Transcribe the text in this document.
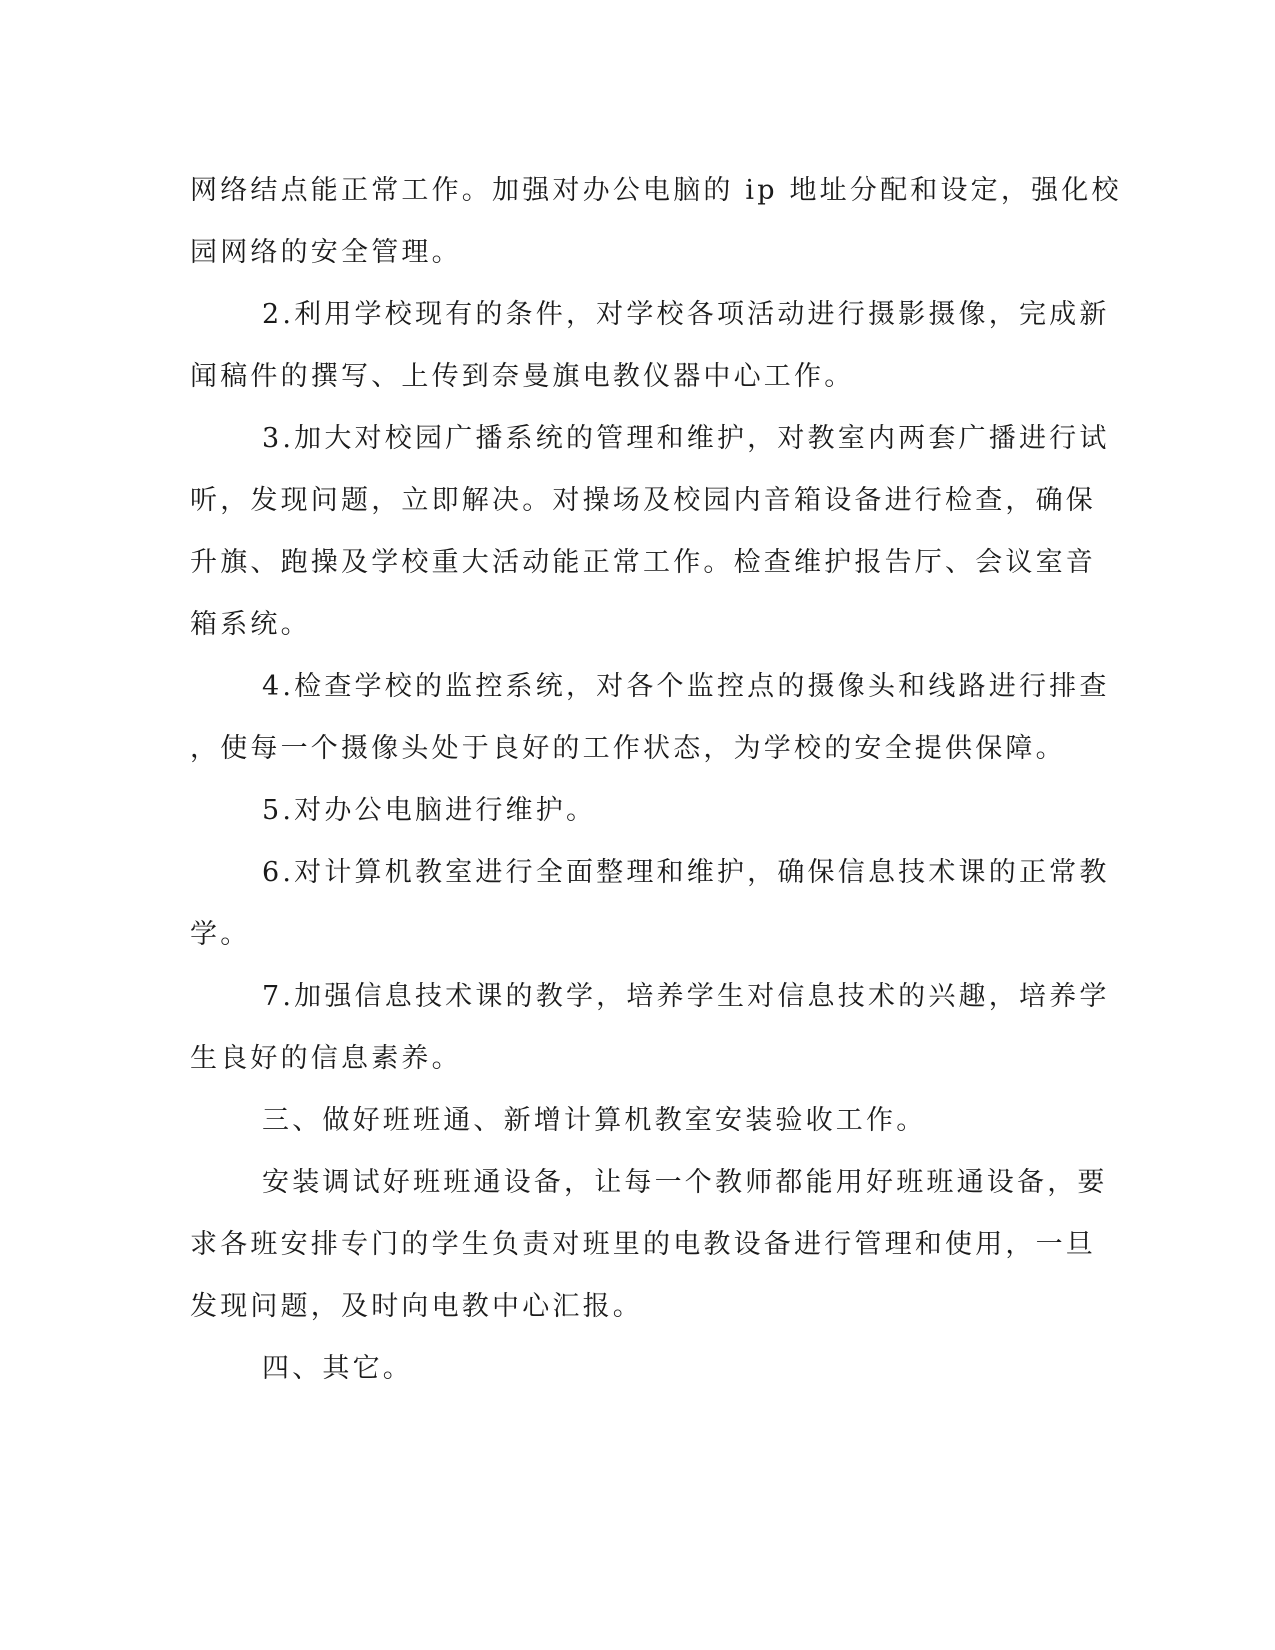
网络结点能正常工作。加强对办公电脑的 ip 地址分配和设定，强化校
园网络的安全管理。
2.利用学校现有的条件，对学校各项活动进行摄影摄像，完成新
闻稿件的撰写、上传到奈曼旗电教仪器中心工作。
3.加大对校园广播系统的管理和维护，对教室内两套广播进行试
听，发现问题，立即解决。对操场及校园内音箱设备进行检查，确保
升旗、跑操及学校重大活动能正常工作。检查维护报告厅、会议室音
箱系统。
4.检查学校的监控系统，对各个监控点的摄像头和线路进行排查
，使每一个摄像头处于良好的工作状态，为学校的安全提供保障。
5.对办公电脑进行维护。
6.对计算机教室进行全面整理和维护，确保信息技术课的正常教
学。
7.加强信息技术课的教学，培养学生对信息技术的兴趣，培养学
生良好的信息素养。
三、做好班班通、新增计算机教室安装验收工作。
安装调试好班班通设备，让每一个教师都能用好班班通设备，要
求各班安排专门的学生负责对班里的电教设备进行管理和使用，一旦
发现问题，及时向电教中心汇报。
四、其它。
